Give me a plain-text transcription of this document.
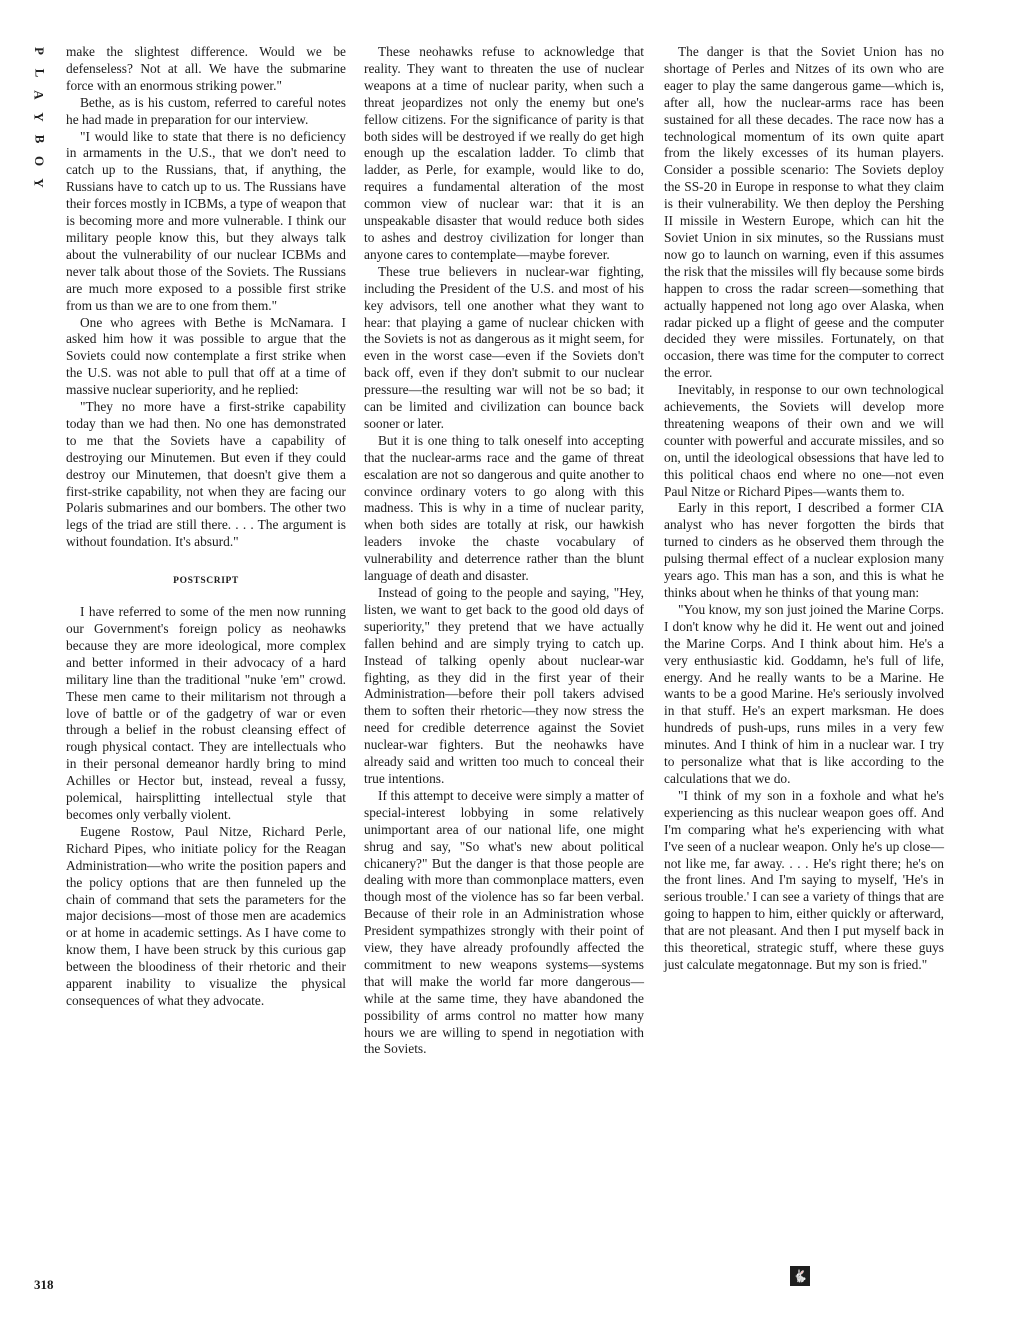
P
L
A
Y
B
O
Y

make the slightest difference. Would we be defenseless? Not at all. We have the submarine force with an enormous striking power."

Bethe, as is his custom, referred to careful notes he had made in preparation for our interview.

"I would like to state that there is no deficiency in armaments in the U.S., that we don't need to catch up to the Russians, that, if anything, the Russians have to catch up to us. The Russians have their forces mostly in ICBMs, a type of weapon that is becoming more and more vulnerable. I think our military people know this, but they always talk about the vulnerability of our nuclear ICBMs and never talk about those of the Soviets. The Russians are much more exposed to a possible first strike from us than we are to one from them."

One who agrees with Bethe is McNamara. I asked him how it was possible to argue that the Soviets could now contemplate a first strike when the U.S. was not able to pull that off at a time of massive nuclear superiority, and he replied:

"They no more have a first-strike capability today than we had then. No one has demonstrated to me that the Soviets have a capability of destroying our Minutemen. But even if they could destroy our Minutemen, that doesn't give them a first-strike capability, not when they are facing our Polaris submarines and our bombers. The other two legs of the triad are still there. . . . The argument is without foundation. It's absurd."

POSTSCRIPT

I have referred to some of the men now running our Government's foreign policy as neohawks because they are more ideological, more complex and better informed in their advocacy of a hard military line than the traditional "nuke 'em" crowd. These men came to their militarism not through a love of battle or of the gadgetry of war or even through a belief in the robust cleansing effect of rough physical contact. They are intellectuals who in their personal demeanor hardly bring to mind Achilles or Hector but, instead, reveal a fussy, polemical, hairsplitting intellectual style that becomes only verbally violent.

Eugene Rostow, Paul Nitze, Richard Perle, Richard Pipes, who initiate policy for the Reagan Administration—who write the position papers and the policy options that are then funneled up the chain of command that sets the parameters for the major decisions—most of those men are academics or at home in academic settings. As I have come to know them, I have been struck by this curious gap between the bloodiness of their rhetoric and their apparent inability to visualize the physical consequences of what they advocate.

These neohawks refuse to acknowledge that reality. They want to threaten the use of nuclear weapons at a time of nuclear parity, when such a threat jeopardizes not only the enemy but one's fellow citizens. For the significance of parity is that both sides will be destroyed if we really do get high enough up the escalation ladder. To climb that ladder, as Perle, for example, would like to do, requires a fundamental alteration of the most common view of nuclear war: that it is an unspeakable disaster that would reduce both sides to ashes and destroy civilization for longer than anyone cares to contemplate—maybe forever.

These true believers in nuclear-war fighting, including the President of the U.S. and most of his key advisors, tell one another what they want to hear: that playing a game of nuclear chicken with the Soviets is not as dangerous as it might seem, for even in the worst case—even if the Soviets don't back off, even if they don't submit to our nuclear pressure—the resulting war will not be so bad; it can be limited and civilization can bounce back sooner or later.

But it is one thing to talk oneself into accepting that the nuclear-arms race and the game of threat escalation are not so dangerous and quite another to convince ordinary voters to go along with this madness. This is why in a time of nuclear parity, when both sides are totally at risk, our hawkish leaders invoke the chaste vocabulary of vulnerability and deterrence rather than the blunt language of death and disaster.

Instead of going to the people and saying, "Hey, listen, we want to get back to the good old days of superiority," they pretend that we have actually fallen behind and are simply trying to catch up. Instead of talking openly about nuclear-war fighting, as they did in the first year of their Administration—before their poll takers advised them to soften their rhetoric—they now stress the need for credible deterrence against the Soviet nuclear-war fighters. But the neohawks have already said and written too much to conceal their true intentions.

If this attempt to deceive were simply a matter of special-interest lobbying in some relatively unimportant area of our national life, one might shrug and say, "So what's new about political chicanery?" But the danger is that those people are dealing with more than commonplace matters, even though most of the violence has so far been verbal. Because of their role in an Administration whose President sympathizes strongly with their point of view, they have already profoundly affected the commitment to new weapons systems—systems that will make the world far more dangerous—while at the same time, they have abandoned the possibility of arms control no matter how many hours we are willing to spend in negotiation with the Soviets.

The danger is that the Soviet Union has no shortage of Perles and Nitzes of its own who are eager to play the same dangerous game—which is, after all, how the nuclear-arms race has been sustained for all these decades. The race now has a technological momentum of its own quite apart from the likely excesses of its human players. Consider a possible scenario: The Soviets deploy the SS-20 in Europe in response to what they claim is their vulnerability. We then deploy the Pershing II missile in Western Europe, which can hit the Soviet Union in six minutes, so the Russians must now go to launch on warning, even if this assumes the risk that the missiles will fly because some birds happen to cross the radar screen—something that actually happened not long ago over Alaska, when radar picked up a flight of geese and the computer decided they were missiles. Fortunately, on that occasion, there was time for the computer to correct the error.

Inevitably, in response to our own technological achievements, the Soviets will develop more threatening weapons of their own and we will counter with powerful and accurate missiles, and so on, until the ideological obsessions that have led to this political chaos end where no one—not even Paul Nitze or Richard Pipes—wants them to.

Early in this report, I described a former CIA analyst who has never forgotten the birds that turned to cinders as he observed them through the pulsing thermal effect of a nuclear explosion many years ago. This man has a son, and this is what he thinks about when he thinks of that young man:

"You know, my son just joined the Marine Corps. I don't know why he did it. He went out and joined the Marine Corps. And I think about him. He's a very enthusiastic kid. Goddamn, he's full of life, energy. And he really wants to be a Marine. He wants to be a good Marine. He's seriously involved in that stuff. He's an expert marksman. He does hundreds of push-ups, runs miles in a very few minutes. And I think of him in a nuclear war. I try to personalize what that is like according to the calculations that we do.

"I think of my son in a foxhole and what he's experiencing as this nuclear weapon goes off. And I'm comparing what he's experiencing with what I've seen of a nuclear weapon. Only he's up close—not like me, far away. . . . He's right there; he's on the front lines. And I'm saying to myself, 'He's in serious trouble.' I can see a variety of things that are going to happen to him, either quickly or afterward, that are not pleasant. And then I put myself back in this theoretical, strategic stuff, where these guys just calculate megatonnage. But my son is fried."

318
🐇
